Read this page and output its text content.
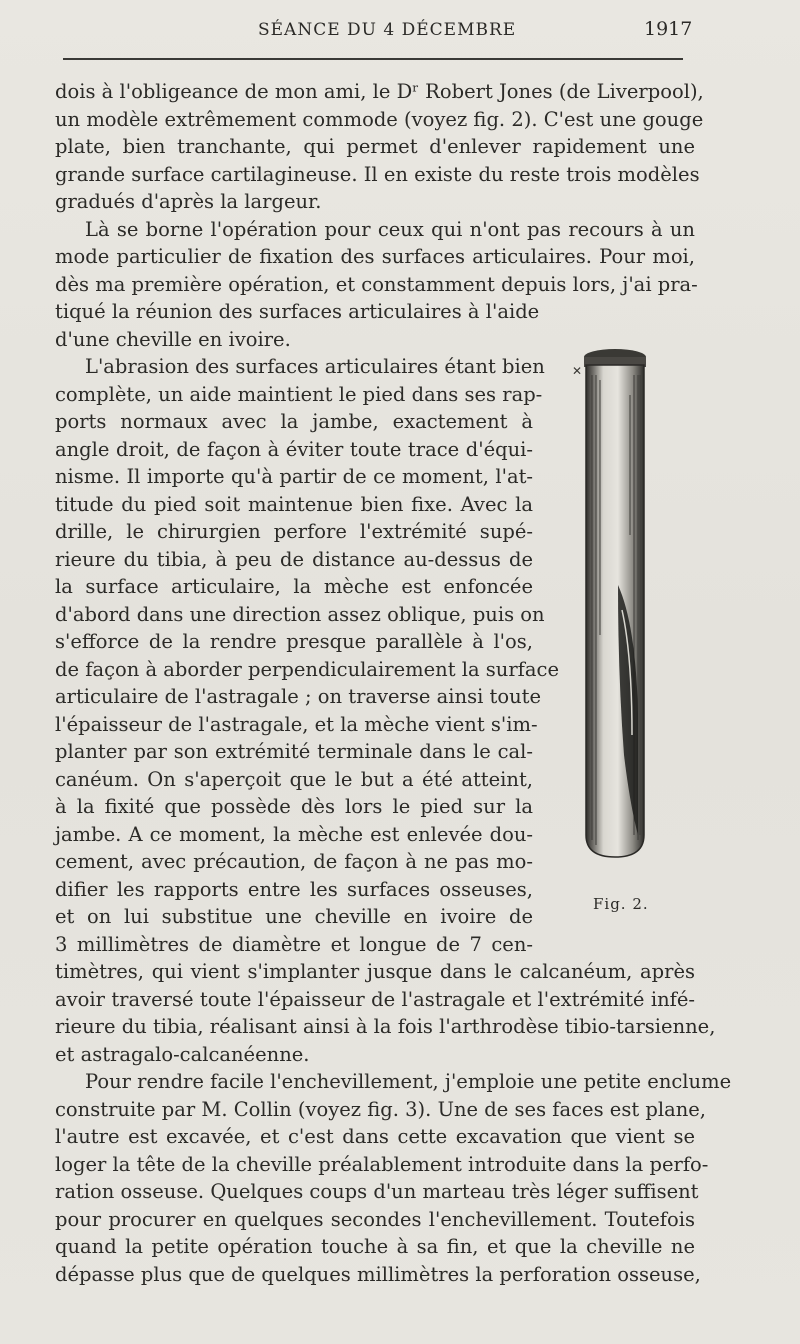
SÉANCE DU 4 DÉCEMBRE	1917
dois à l'obligeance de mon ami, le Dʳ Robert Jones (de Liverpool),
un modèle extrêmement commode (voyez fig. 2). C'est une gouge
plate, bien tranchante, qui permet d'enlever rapidement une
grande surface cartilagineuse. Il en existe du reste trois modèles
gradués d'après la largeur.
Là se borne l'opération pour ceux qui n'ont pas recours à un
mode particulier de fixation des surfaces articulaires. Pour moi,
dès ma première opération, et constamment depuis lors, j'ai pra-
tiqué la réunion des surfaces articulaires à l'aide
d'une cheville en ivoire.
L'abrasion des surfaces articulaires étant bien
complète, un aide maintient le pied dans ses rap-
ports normaux avec la jambe, exactement à
angle droit, de façon à éviter toute trace d'équi-
nisme. Il importe qu'à partir de ce moment, l'at-
titude du pied soit maintenue bien fixe. Avec la
drille, le chirurgien perfore l'extrémité supé-
rieure du tibia, à peu de distance au-dessus de
la surface articulaire, la mèche est enfoncée
d'abord dans une direction assez oblique, puis on
s'efforce de la rendre presque parallèle à l'os,
de façon à aborder perpendiculairement la surface
articulaire de l'astragale ; on traverse ainsi toute
l'épaisseur de l'astragale, et la mèche vient s'im-
planter par son extrémité terminale dans le cal-
canéum. On s'aperçoit que le but a été atteint,
à la fixité que possède dès lors le pied sur la
jambe. A ce moment, la mèche est enlevée dou-
cement, avec précaution, de façon à ne pas mo-
difier les rapports entre les surfaces osseuses,
et on lui substitue une cheville en ivoire de
3 millimètres de diamètre et longue de 7 cen-
timètres, qui vient s'implanter jusque dans le calcanéum, après
avoir traversé toute l'épaisseur de l'astragale et l'extrémité infé-
rieure du tibia, réalisant ainsi à la fois l'arthrodèse tibio-tarsienne,
et astragalo-calcanéenne.
Pour rendre facile l'enchevillement, j'emploie une petite enclume
construite par M. Collin (voyez fig. 3). Une de ses faces est plane,
l'autre est excavée, et c'est dans cette excavation que vient se
loger la tête de la cheville préalablement introduite dans la perfo-
ration osseuse. Quelques coups d'un marteau très léger suffisent
pour procurer en quelques secondes l'enchevillement. Toutefois
quand la petite opération touche à sa fin, et que la cheville ne
dépasse plus que de quelques millimètres la perforation osseuse,
✕
Fig. 2.
